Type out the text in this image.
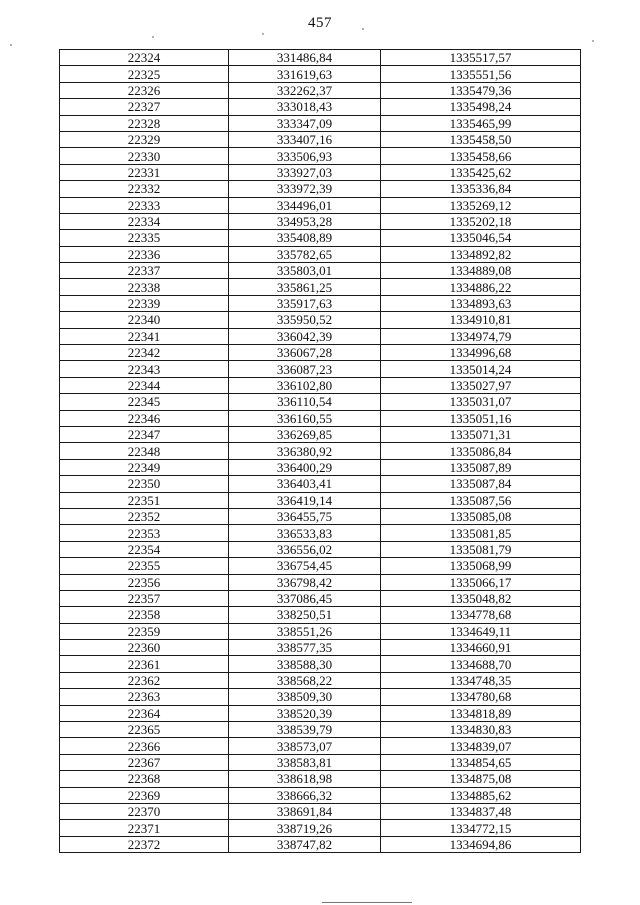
457
22324	331486,84	1335517,57
22325	331619,63	1335551,56
22326	332262,37	1335479,36
22327	333018,43	1335498,24
22328	333347,09	1335465,99
22329	333407,16	1335458,50
22330	333506,93	1335458,66
22331	333927,03	1335425,62
22332	333972,39	1335336,84
22333	334496,01	1335269,12
22334	334953,28	1335202,18
22335	335408,89	1335046,54
22336	335782,65	1334892,82
22337	335803,01	1334889,08
22338	335861,25	1334886,22
22339	335917,63	1334893,63
22340	335950,52	1334910,81
22341	336042,39	1334974,79
22342	336067,28	1334996,68
22343	336087,23	1335014,24
22344	336102,80	1335027,97
22345	336110,54	1335031,07
22346	336160,55	1335051,16
22347	336269,85	1335071,31
22348	336380,92	1335086,84
22349	336400,29	1335087,89
22350	336403,41	1335087,84
22351	336419,14	1335087,56
22352	336455,75	1335085,08
22353	336533,83	1335081,85
22354	336556,02	1335081,79
22355	336754,45	1335068,99
22356	336798,42	1335066,17
22357	337086,45	1335048,82
22358	338250,51	1334778,68
22359	338551,26	1334649,11
22360	338577,35	1334660,91
22361	338588,30	1334688,70
22362	338568,22	1334748,35
22363	338509,30	1334780,68
22364	338520,39	1334818,89
22365	338539,79	1334830,83
22366	338573,07	1334839,07
22367	338583,81	1334854,65
22368	338618,98	1334875,08
22369	338666,32	1334885,62
22370	338691,84	1334837,48
22371	338719,26	1334772,15
22372	338747,82	1334694,86
